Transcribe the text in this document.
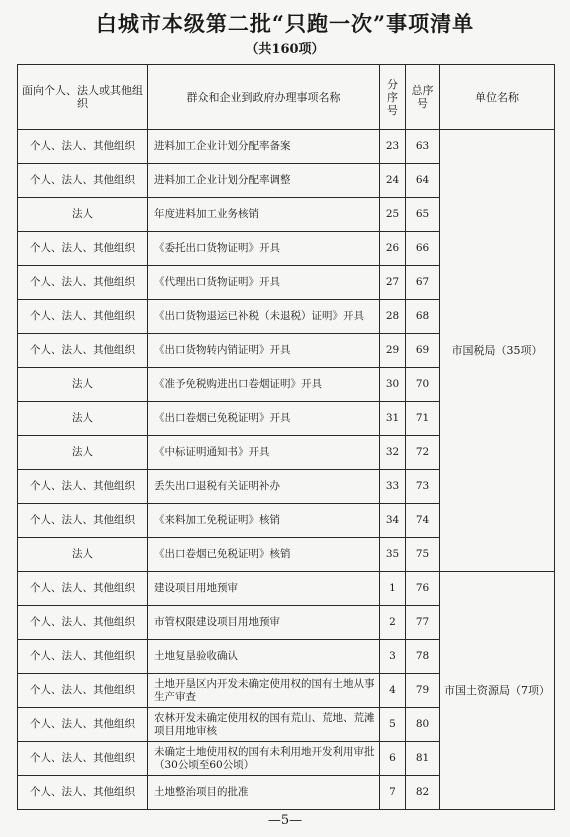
白城市本级第二批“只跑一次”事项清单
（共160项）
面向个人、法人或其他组织	群众和企业到政府办理事项名称	分序号	总序号	单位名称
个人、法人、其他组织	进料加工企业计划分配率备案	23	63	市国税局（35项）
个人、法人、其他组织	进料加工企业计划分配率调整	24	64	
法人	年度进料加工业务核销	25	65	
个人、法人、其他组织	《委托出口货物证明》开具	26	66	
个人、法人、其他组织	《代理出口货物证明》开具	27	67	
个人、法人、其他组织	《出口货物退运已补税（未退税）证明》开具	28	68	
个人、法人、其他组织	《出口货物转内销证明》开具	29	69	
法人	《准予免税购进出口卷烟证明》开具	30	70	
法人	《出口卷烟已免税证明》开具	31	71	
法人	《中标证明通知书》开具	32	72	
个人、法人、其他组织	丢失出口退税有关证明补办	33	73	
个人、法人、其他组织	《来料加工免税证明》核销	34	74	
法人	《出口卷烟已免税证明》核销	35	75	
个人、法人、其他组织	建设项目用地预审	1	76	市国土资源局（7项）
个人、法人、其他组织	市管权限建设项目用地预审	2	77	
个人、法人、其他组织	土地复垦验收确认	3	78	
个人、法人、其他组织	土地开垦区内开发未确定使用权的国有土地从事生产审查	4	79	
个人、法人、其他组织	农林开发未确定使用权的国有荒山、荒地、荒滩项目用地审核	5	80	
个人、法人、其他组织	未确定土地使用权的国有未利用地开发利用审批（30公顷至60公顷）	6	81	
个人、法人、其他组织	土地整治项目的批准	7	82	
—5—
